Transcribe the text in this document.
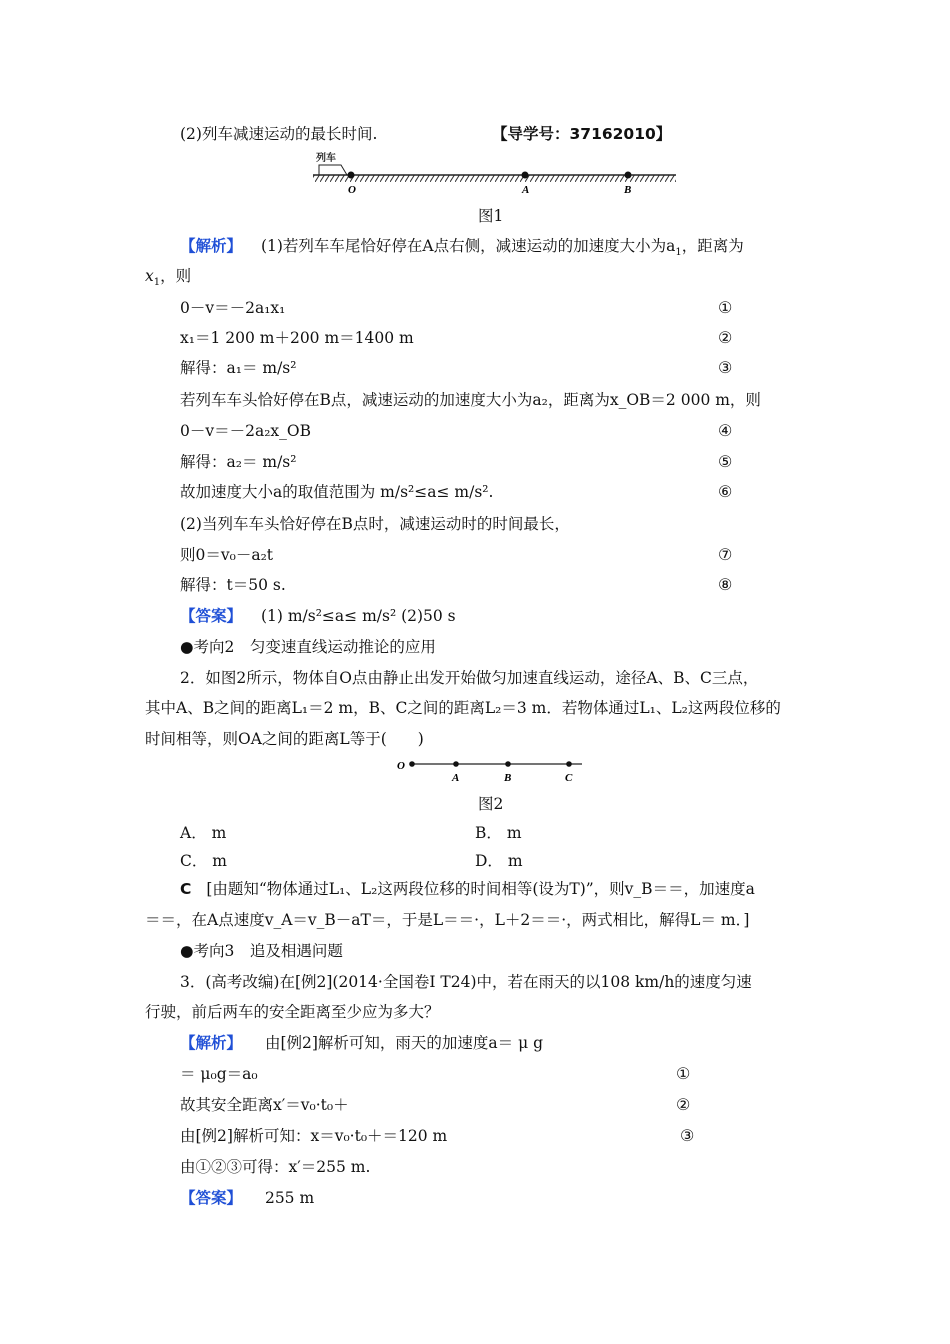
(2)列车减速运动的最长时间.	【导学号：37162010】
列车
O	A	B
图1
【解析】 (1)若列车车尾恰好停在A点右侧，减速运动的加速度大小为$a_1$，距离为
$x_1$，则
0－v＝－2a₁x₁	①
x₁＝1 200 m＋200 m＝1400 m	②
解得：a₁＝ m/s²	③
若列车车头恰好停在B点，减速运动的加速度大小为a₂，距离为x_OB＝2 000 m，则
0－v＝－2a₂x_OB	④
解得：a₂＝ m/s²	⑤
故加速度大小a的取值范围为 m/s²≤a≤ m/s².	⑥
(2)当列车车头恰好停在B点时，减速运动时的时间最长，
则0＝v₀－a₂t	⑦
解得：t＝50 s.	⑧
【答案】 (1) m/s²≤a≤ m/s² (2)50 s
●考向2　匀变速直线运动推论的应用
2．如图2所示，物体自O点由静止出发开始做匀加速直线运动，途径A、B、C三点，
其中A、B之间的距离L₁＝2 m，B、C之间的距离L₂＝3 m．若物体通过L₁、L₂这两段位移的
时间相等，则OA之间的距离L等于(　　)
O
A	B	C
图2
A． m	B． m
C． m	D． m
C [由题知“物体通过L₁、L₂这两段位移的时间相等(设为T)”，则v_B＝＝，加速度a
＝＝，在A点速度v_A＝v_B－aT＝，于是L＝＝·，L＋2＝＝·，两式相比，解得L＝ m．]
●考向3　追及相遇问题
3．(高考改编)在[例2](2014·全国卷Ⅰ T24)中，若在雨天的以108 km/h的速度匀速
行驶，前后两车的安全距离至少应为多大？
【解析】 由[例2]解析可知，雨天的加速度a＝ μ g
＝ μ₀g＝a₀	①
故其安全距离x′＝v₀·t₀＋	②
由[例2]解析可知：x＝v₀·t₀＋＝120 m	③
由①②③可得：x′＝255 m.
【答案】 255 m
